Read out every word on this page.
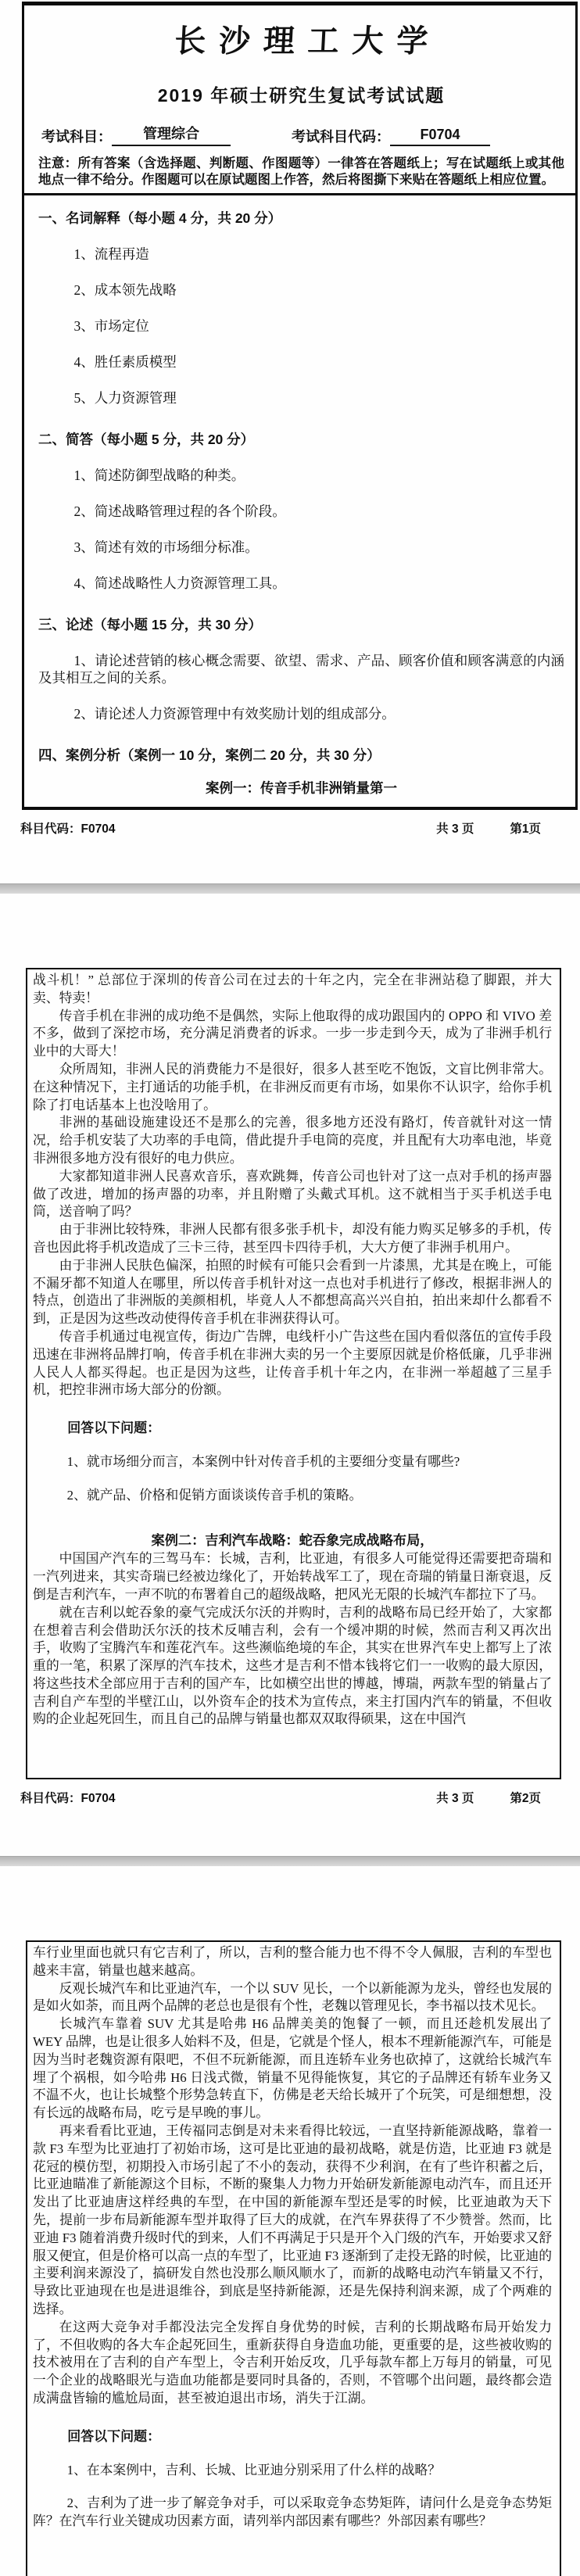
长沙理工大学
2019 年硕士研究生复试考试试题
考试科目：	管理综合	考试科目代码：	F0704

注意：所有答案（含选择题、判断题、作图题等）一律答在答题纸上；写在试题纸上或其他地点一律不给分。作图题可以在原试题图上作答，然后将图撕下来贴在答题纸上相应位置。

一、名词解释（每小题 4 分，共 20 分）

1、流程再造

2、成本领先战略

3、市场定位

4、胜任素质模型

5、人力资源管理

二、简答（每小题 5 分，共 20 分）

1、简述防御型战略的种类。

2、简述战略管理过程的各个阶段。

3、简述有效的市场细分标准。

4、简述战略性人力资源管理工具。

三、论述（每小题 15 分，共 30 分）

1、请论述营销的核心概念需要、欲望、需求、产品、顾客价值和顾客满意的内涵及其相互之间的关系。

2、请论述人力资源管理中有效奖励计划的组成部分。

四、案例分析（案例一 10 分，案例二 20 分，共 30 分）
案例一：传音手机非洲销量第一

科目代码：F0704	共 3 页	第1页

战斗机！” 总部位于深圳的传音公司在过去的十年之内，完全在非洲站稳了脚跟，并大卖、特卖！

传音手机在非洲的成功绝不是偶然，实际上他取得的成功跟国内的 OPPO 和 VIVO 差不多，做到了深挖市场，充分满足消费者的诉求。一步一步走到今天，成为了非洲手机行业中的大哥大！

众所周知，非洲人民的消费能力不是很好，很多人甚至吃不饱饭，文盲比例非常大。在这种情况下，主打通话的功能手机，在非洲反而更有市场，如果你不认识字，给你手机除了打电话基本上也没啥用了。

非洲的基础设施建设还不是那么的完善，很多地方还没有路灯，传音就针对这一情况，给手机安装了大功率的手电筒，借此提升手电筒的亮度，并且配有大功率电池，毕竟非洲很多地方没有很好的电力供应。

大家都知道非洲人民喜欢音乐，喜欢跳舞，传音公司也针对了这一点对手机的扬声器做了改进，增加的扬声器的功率，并且附赠了头戴式耳机。这不就相当于买手机送手电筒，送音响了吗？

由于非洲比较特殊，非洲人民都有很多张手机卡，却没有能力购买足够多的手机，传音也因此将手机改造成了三卡三待，甚至四卡四待手机，大大方便了非洲手机用户。

由于非洲人民肤色偏深，拍照的时候有可能只会看到一片漆黑，尤其是在晚上，可能不漏牙都不知道人在哪里，所以传音手机针对这一点也对手机进行了修改，根据非洲人的特点，创造出了非洲版的美颜相机，毕竟人人不都想高高兴兴自拍，拍出来却什么都看不到，正是因为这些改动使得传音手机在非洲获得认可。

传音手机通过电视宣传，街边广告牌，电线杆小广告这些在国内看似落伍的宣传手段迅速在非洲将品牌打响，传音手机在非洲大卖的另一个主要原因就是价格低廉，几乎非洲人民人人都买得起。也正是因为这些，让传音手机十年之内，在非洲一举超越了三星手机，把控非洲市场大部分的份额。

回答以下问题：

1、就市场细分而言，本案例中针对传音手机的主要细分变量有哪些?

2、就产品、价格和促销方面谈谈传音手机的策略。

案例二：吉利汽车战略：蛇吞象完成战略布局，

中国国产汽车的三驾马车：长城，吉利，比亚迪，有很多人可能觉得还需要把奇瑞和一汽列进来，其实奇瑞已经被边缘化了，开始转战军工了，现在奇瑞的销量日渐衰退，反倒是吉利汽车，一声不吭的布署着自己的超级战略，把风光无限的长城汽车都拉下了马。

就在吉利以蛇吞象的豪气完成沃尔沃的并购时，吉利的战略布局已经开始了，大家都在想着吉利会借助沃尔沃的技术反哺吉利，会有一个缓冲期的时候，然而吉利又再次出手，收购了宝腾汽车和莲花汽车。这些濒临绝境的车企，其实在世界汽车史上都写上了浓重的一笔，积累了深厚的汽车技术，这些才是吉利不惜本钱将它们一一收购的最大原因，将这些技术全部应用于吉利的国产车，比如横空出世的博越，博瑞，两款车型的销量占了吉利自产车型的半壁江山，以外资车企的技术为宣传点，来主打国内汽车的销量，不但收购的企业起死回生，而且自己的品牌与销量也都双双取得硕果，这在中国汽

科目代码：F0704	共 3 页	第2页

车行业里面也就只有它吉利了，所以，吉利的整合能力也不得不令人佩服，吉利的车型也越来丰富，销量也越来越高。

反观长城汽车和比亚迪汽车，一个以 SUV 见长，一个以新能源为龙头，曾经也发展的是如火如荼，而且两个品牌的老总也是很有个性，老魏以管理见长，李书福以技术见长。

长城汽车靠着 SUV 尤其是哈弗 H6 品牌美美的饱餐了一顿，而且还趁机发展出了 WEY 品牌，也是让很多人始料不及，但是，它就是个怪人，根本不理新能源汽车，可能是因为当时老魏资源有限吧，不但不玩新能源，而且连轿车业务也砍掉了，这就给长城汽车埋了个祸根，如今哈弗 H6 日浅式微，销量不见得能恢复，其它的子品牌还有轿车业务又不温不火，也让长城整个形势急转直下，仿佛是老天给长城开了个玩笑，可是细想想，没有长远的战略布局，吃亏是早晚的事儿。

再来看看比亚迪，王传福同志倒是对未来看得比较远，一直坚持新能源战略，靠着一款 F3 车型为比亚迪打了初始市场，这可是比亚迪的最初战略，就是仿造，比亚迪 F3 就是花冠的模仿型，初期投入市场引起了不小的轰动，获得不少利润，在有了些许积蓄之后，比亚迪瞄准了新能源这个目标，不断的聚集人力物力开始研发新能源电动汽车，而且还开发出了比亚迪唐这样经典的车型，在中国的新能源车型还是零的时候，比亚迪敢为天下先，提前一步布局新能源车型并取得了巨大的成就，在汽车界获得了不少赞誉。然而，比亚迪 F3 随着消费升级时代的到来，人们不再满足于只是开个入门级的汽车，开始要求又舒服又便宜，但是价格可以高一点的车型了，比亚迪 F3 逐渐到了走投无路的时候，比亚迪的主要利润来源没了，搞研发自然也没那么顺风顺水了，而新的战略电动汽车销量又不行，导致比亚迪现在也是进退维谷，到底是坚持新能源，还是先保持利润来源，成了个两难的选择。

在这两大竞争对手都没法完全发挥自身优势的时候，吉利的长期战略布局开始发力了，不但收购的各大车企起死回生，重新获得自身造血功能，更重要的是，这些被收购的技术被用在了吉利的自产车型上，令吉利开始反攻，几乎每款车都上万每月的销量，可见一个企业的战略眼光与造血功能都是要同时具备的，否则，不管哪个出问题，最终都会造成满盘皆输的尴尬局面，甚至被迫退出市场，消失于江湖。

回答以下问题：

1、在本案例中，吉利、长城、比亚迪分别采用了什么样的战略？

2、吉利为了进一步了解竞争对手，可以采取竞争态势矩阵，请问什么是竞争态势矩阵？在汽车行业关键成功因素方面，请列举内部因素有哪些？外部因素有哪些？
